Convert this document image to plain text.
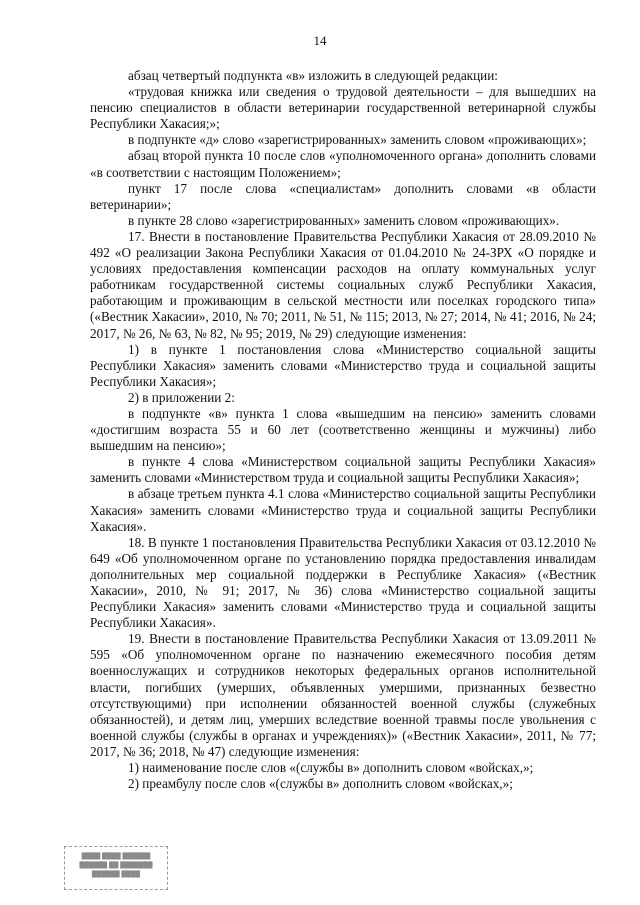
14

абзац четвертый подпункта «в» изложить в следующей редакции:

«трудовая книжка или сведения о трудовой деятельности – для вышедших на пенсию специалистов в области ветеринарии государственной ветеринарной службы Республики Хакасия;»;

в подпункте «д» слово «зарегистрированных» заменить словом «проживающих»;

абзац второй пункта 10 после слов «уполномоченного органа» дополнить словами «в соответствии с настоящим Положением»;

пункт 17 после слова «специалистам» дополнить словами «в области ветеринарии»;

в пункте 28 слово «зарегистрированных» заменить словом «проживающих».

17. Внести в постановление Правительства Республики Хакасия от 28.09.2010 № 492 «О реализации Закона Республики Хакасия от 01.04.2010 № 24-ЗРХ «О порядке и условиях предоставления компенсации расходов на оплату коммунальных услуг работникам государственной системы социальных служб Республики Хакасия, работающим и проживающим в сельской местности или поселках городского типа» («Вестник Хакасии», 2010, № 70; 2011, № 51, № 115; 2013, № 27; 2014, № 41; 2016, № 24; 2017, № 26, № 63, № 82, № 95; 2019, № 29) следующие изменения:

1) в пункте 1 постановления слова «Министерство социальной защиты Республики Хакасия» заменить словами «Министерство труда и социальной защиты Республики Хакасия»;

2) в приложении 2:

в подпункте «в» пункта 1 слова «вышедшим на пенсию» заменить словами «достигшим возраста 55 и 60 лет (соответственно женщины и мужчины) либо вышедшим на пенсию»;

в пункте 4 слова «Министерством социальной защиты Республики Хакасия» заменить словами «Министерством труда и социальной защиты Республики Хакасия»;

в абзаце третьем пункта 4.1 слова «Министерство социальной защиты Республики Хакасия» заменить словами «Министерство труда и социальной защиты Республики Хакасия».

18. В пункте 1 постановления Правительства Республики Хакасия от 03.12.2010 № 649 «Об уполномоченном органе по установлению порядка предоставления инвалидам дополнительных мер социальной поддержки в Республике Хакасия» («Вестник Хакасии», 2010, № 91; 2017, № 36) слова «Министерство социальной защиты Республики Хакасия» заменить словами «Министерство труда и социальной защиты Республики Хакасия».

19. Внести в постановление Правительства Республики Хакасия от 13.09.2011 № 595 «Об уполномоченном органе по назначению ежемесячного пособия детям военнослужащих и сотрудников некоторых федеральных органов исполнительной власти, погибших (умерших, объявленных умершими, признанных безвестно отсутствующими) при исполнении обязанностей военной службы (служебных обязанностей), и детям лиц, умерших вследствие военной травмы после увольнения с военной службы (службы в органах и учреждениях)» («Вестник Хакасии», 2011, № 77; 2017, № 36; 2018, № 47) следующие изменения:

1) наименование после слов «(службы в» дополнить словом «войсках,»;

2) преамбулу после слов «(службы в» дополнить словом «войсках,»;

████ ████ ██████
██████ ██ ███████
██████ ████
